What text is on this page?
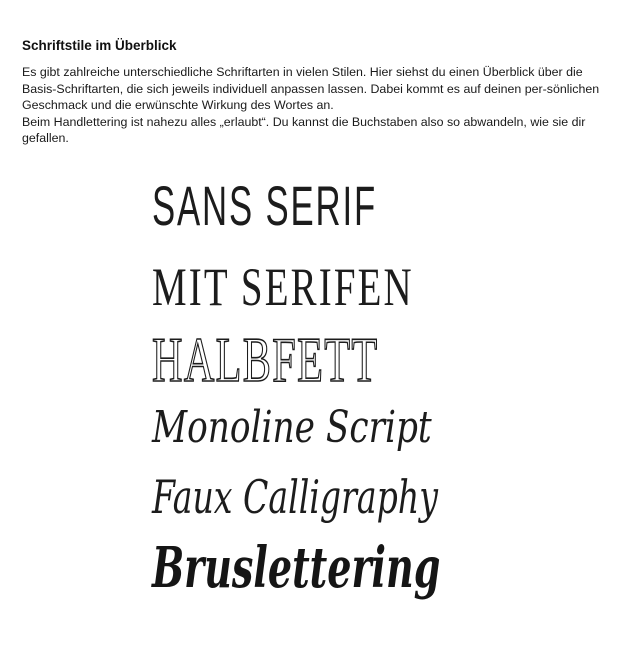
Schriftstile im Überblick

Es gibt zahlreiche unterschiedliche Schriftarten in vielen Stilen. Hier siehst du einen Überblick über die Basis-Schriftarten, die sich jeweils individuell anpassen lassen. Dabei kommt es auf deinen per-sönlichen Geschmack und die erwünschte Wirkung des Wortes an.

Beim Handlettering ist nahezu alles „erlaubt“. Du kannst die Buchstaben also so abwandeln, wie sie dir gefallen.

SANS SERIF
MIT SERIFEN
HALBFETT
Monoline Script
Faux Calligraphy
Bruslettering
